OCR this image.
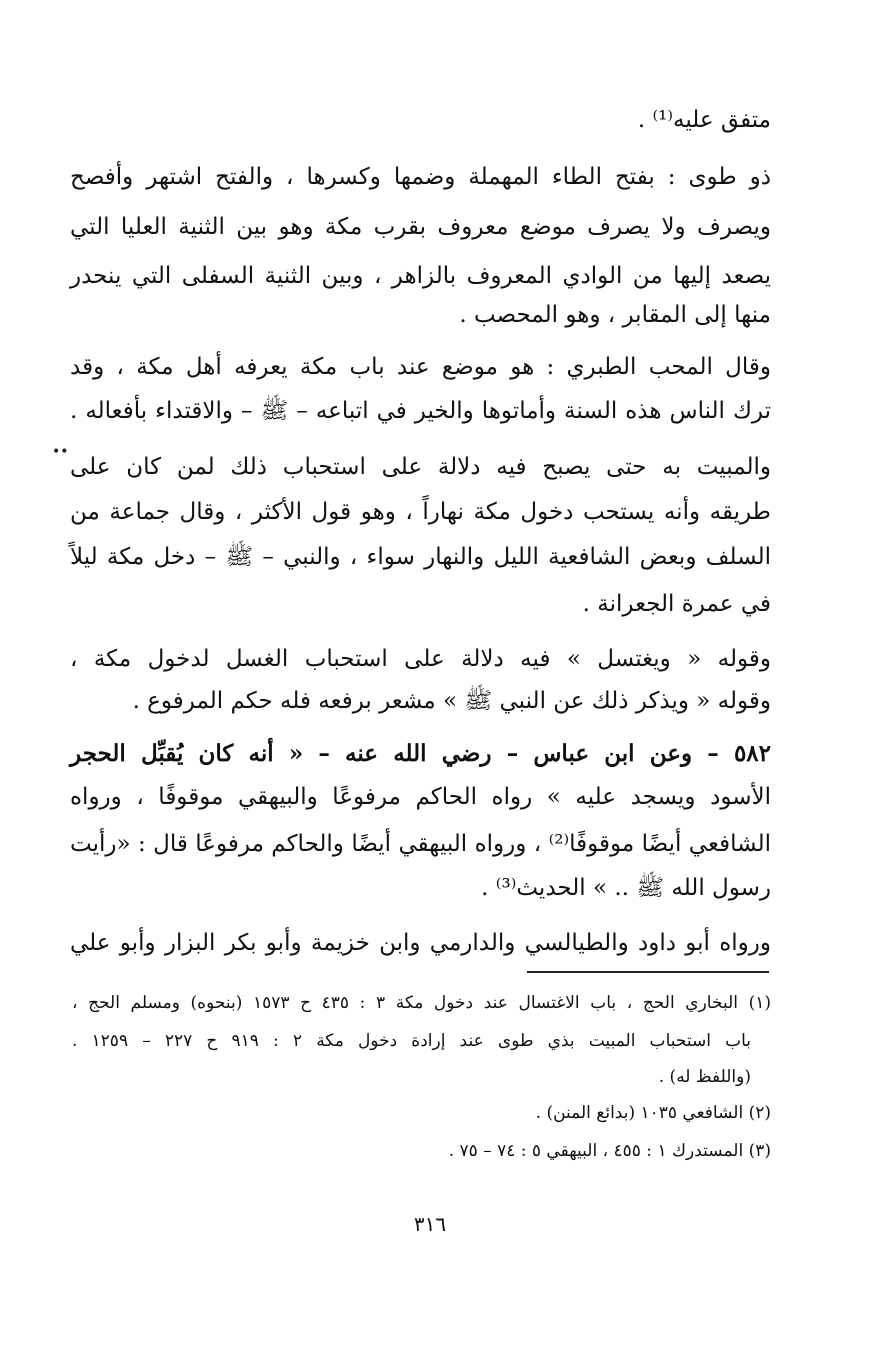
متفق عليه⁽¹⁾ .
ذو طوى : بفتح الطاء المهملة وضمها وكسرها ، والفتح اشتهر وأفصح
ويصرف ولا يصرف موضع معروف بقرب مكة وهو بين الثنية العليا التي
يصعد إليها من الوادي المعروف بالزاهر ، وبين الثنية السفلى التي ينحدر
منها إلى المقابر ، وهو المحصب .
وقال المحب الطبري : هو موضع عند باب مكة يعرفه أهل مكة ، وقد
ترك الناس هذه السنة وأماتوها والخير في اتباعه – ﷺ – والاقتداء بأفعاله .
والمبيت به حتى يصبح فيه دلالة على استحباب ذلك لمن كان على
طريقه وأنه يستحب دخول مكة نهاراً ، وهو قول الأكثر ، وقال جماعة من
السلف وبعض الشافعية الليل والنهار سواء ، والنبي – ﷺ – دخل مكة ليلاً
في عمرة الجعرانة .
وقوله « ويغتسل » فيه دلالة على استحباب الغسل لدخول مكة ،
وقوله « ويذكر ذلك عن النبي ﷺ » مشعر برفعه فله حكم المرفوع .
٥٨٢ – وعن ابن عباس – رضي الله عنه – « أنه كان يُقبِّل الحجر
الأسود ويسجد عليه » رواه الحاكم مرفوعًا والبيهقي موقوفًا ، ورواه
الشافعي أيضًا موقوفًا⁽²⁾ ، ورواه البيهقي أيضًا والحاكم مرفوعًا قال : «رأيت
رسول الله ﷺ .. » الحديث⁽³⁾ .
ورواه أبو داود والطيالسي والدارمي وابن خزيمة وأبو بكر البزار وأبو علي
••
(١) البخاري الحج ، باب الاغتسال عند دخول مكة ٣ : ٤٣٥ ح ١٥٧٣ (بنحوه) ومسلم الحج ،
باب استحباب المبيت بذي طوى عند إرادة دخول مكة ٢ : ٩١٩ ح ٢٢٧ – ١٢٥٩ .
(واللفظ له) .
(٢) الشافعي ١٠٣٥ (بدائع المنن) .
(٣) المستدرك ١ : ٤٥٥ ، البيهقي ٥ : ٧٤ – ٧٥ .
٣١٦
